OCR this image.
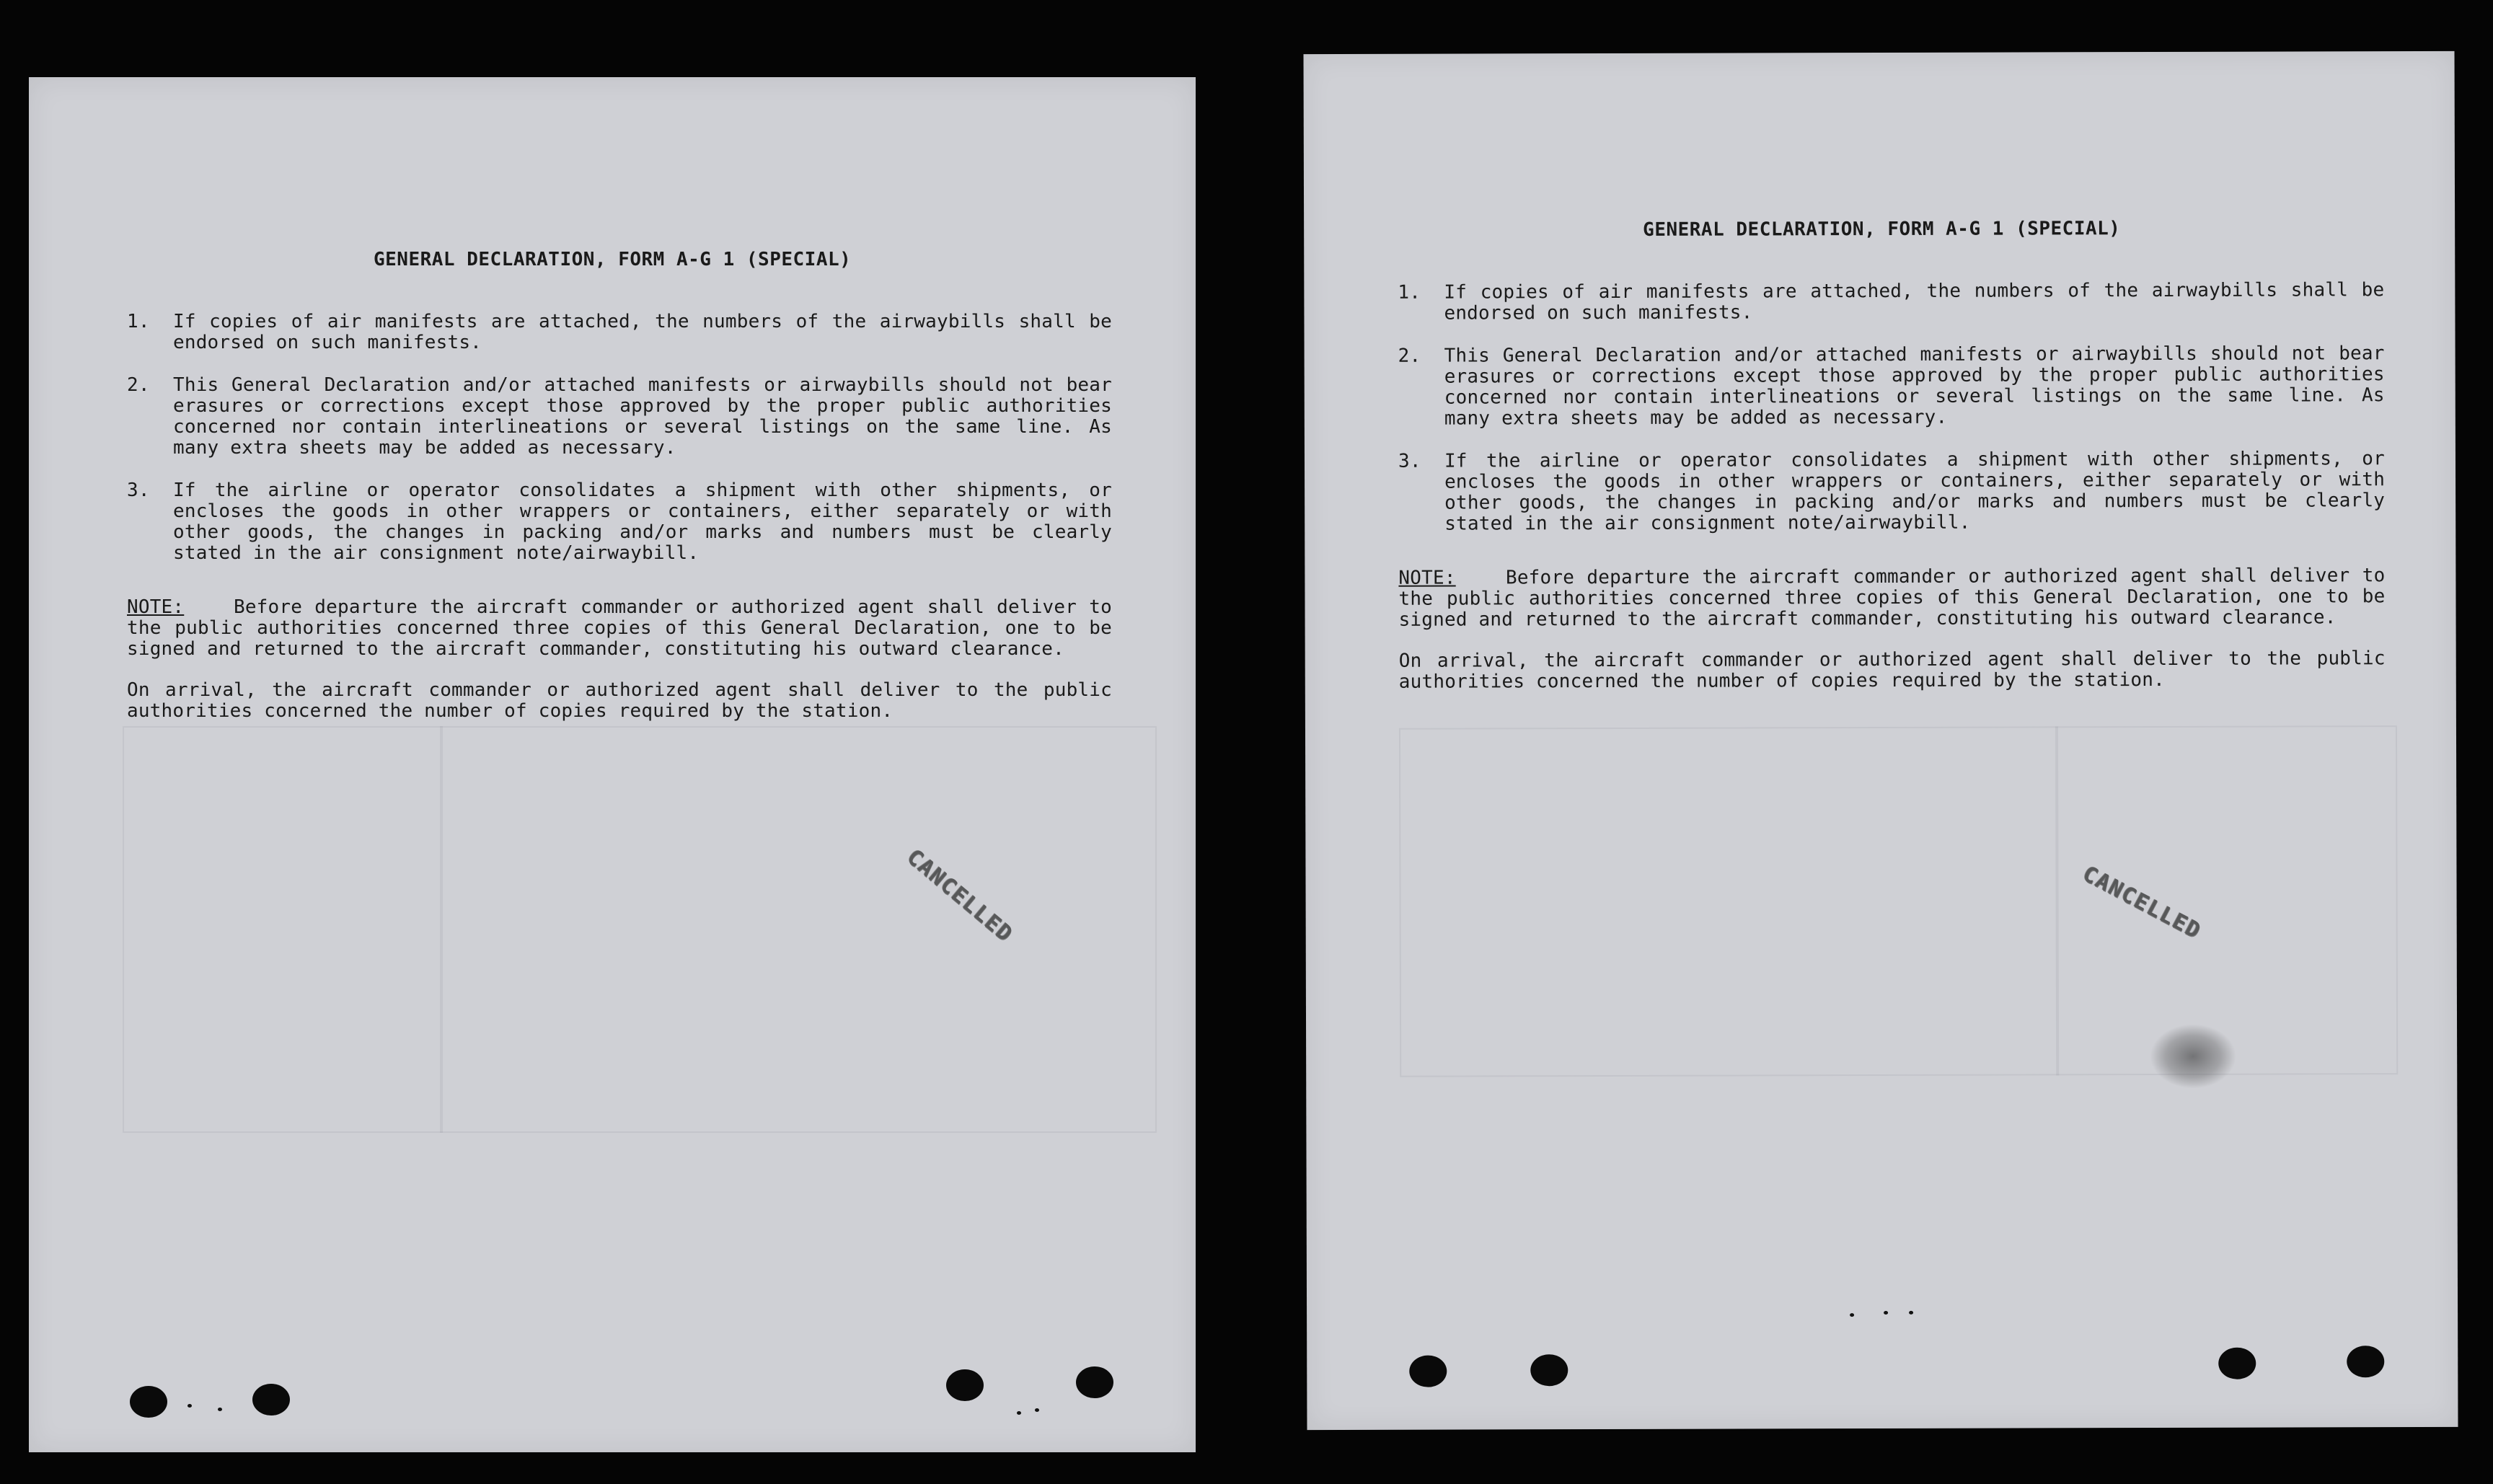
GENERAL DECLARATION, FORM A-G 1 (SPECIAL)
1.	If copies of air manifests are attached, the numbers of the airwaybills shall be endorsed on such manifests.
2.	This General Declaration and/or attached manifests or airwaybills should not bear erasures or corrections except those approved by the proper public authorities concerned nor contain interlineations or several listings on the same line. As many extra sheets may be added as necessary.
3.	If the airline or operator consolidates a shipment with other shipments, or encloses the goods in other wrappers or containers, either separately or with other goods, the changes in packing and/or marks and numbers must be clearly stated in the air consignment note/airwaybill.
NOTE:	Before departure the aircraft commander or authorized agent shall deliver to the public authorities concerned three copies of this General Declaration, one to be signed and returned to the aircraft commander, constituting his outward clearance.
On arrival, the aircraft commander or authorized agent shall deliver to the public authorities concerned the number of copies required by the station.
CANCELLED
GENERAL DECLARATION, FORM A-G 1 (SPECIAL)
1.	If copies of air manifests are attached, the numbers of the airwaybills shall be endorsed on such manifests.
2.	This General Declaration and/or attached manifests or airwaybills should not bear erasures or corrections except those approved by the proper public authorities concerned nor contain interlineations or several listings on the same line. As many extra sheets may be added as necessary.
3.	If the airline or operator consolidates a shipment with other shipments, or encloses the goods in other wrappers or containers, either separately or with other goods, the changes in packing and/or marks and numbers must be clearly stated in the air consignment note/airwaybill.
NOTE:	Before departure the aircraft commander or authorized agent shall deliver to the public authorities concerned three copies of this General Declaration, one to be signed and returned to the aircraft commander, constituting his outward clearance.
On arrival, the aircraft commander or authorized agent shall deliver to the public authorities concerned the number of copies required by the station.
CANCELLED
